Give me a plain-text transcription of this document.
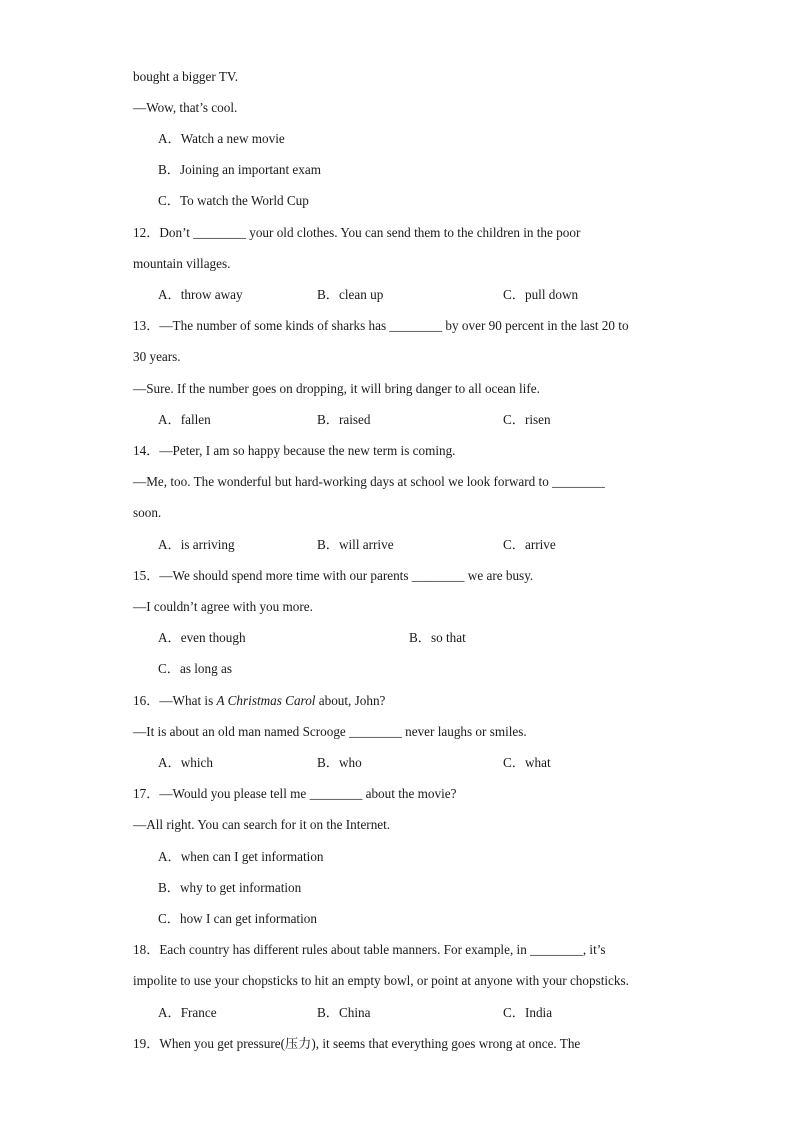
bought a bigger TV.
—Wow, that’s cool.
A．Watch a new movie
B．Joining an important exam
C．To watch the World Cup
12．Don’t ________ your old clothes. You can send them to the children in the poor
mountain villages.
A．throw away	B．clean up	C．pull down
13．—The number of some kinds of sharks has ________ by over 90 percent in the last 20 to
30 years.
—Sure. If the number goes on dropping, it will bring danger to all ocean life.
A．fallen	B．raised	C．risen
14．—Peter, I am so happy because the new term is coming.
—Me, too. The wonderful but hard-working days at school we look forward to ________
soon.
A．is arriving	B．will arrive	C．arrive
15．—We should spend more time with our parents ________ we are busy.
—I couldn’t agree with you more.
A．even though	B．so that
C．as long as
16．—What is A Christmas Carol about, John?
—It is about an old man named Scrooge ________ never laughs or smiles.
A．which	B．who	C．what
17．—Would you please tell me ________ about the movie?
—All right. You can search for it on the Internet.
A．when can I get information
B．why to get information
C．how I can get information
18．Each country has different rules about table manners. For example, in ________, it’s
impolite to use your chopsticks to hit an empty bowl, or point at anyone with your chopsticks.
A．France	B．China	C．India
19．When you get pressure(压力), it seems that everything goes wrong at once. The
